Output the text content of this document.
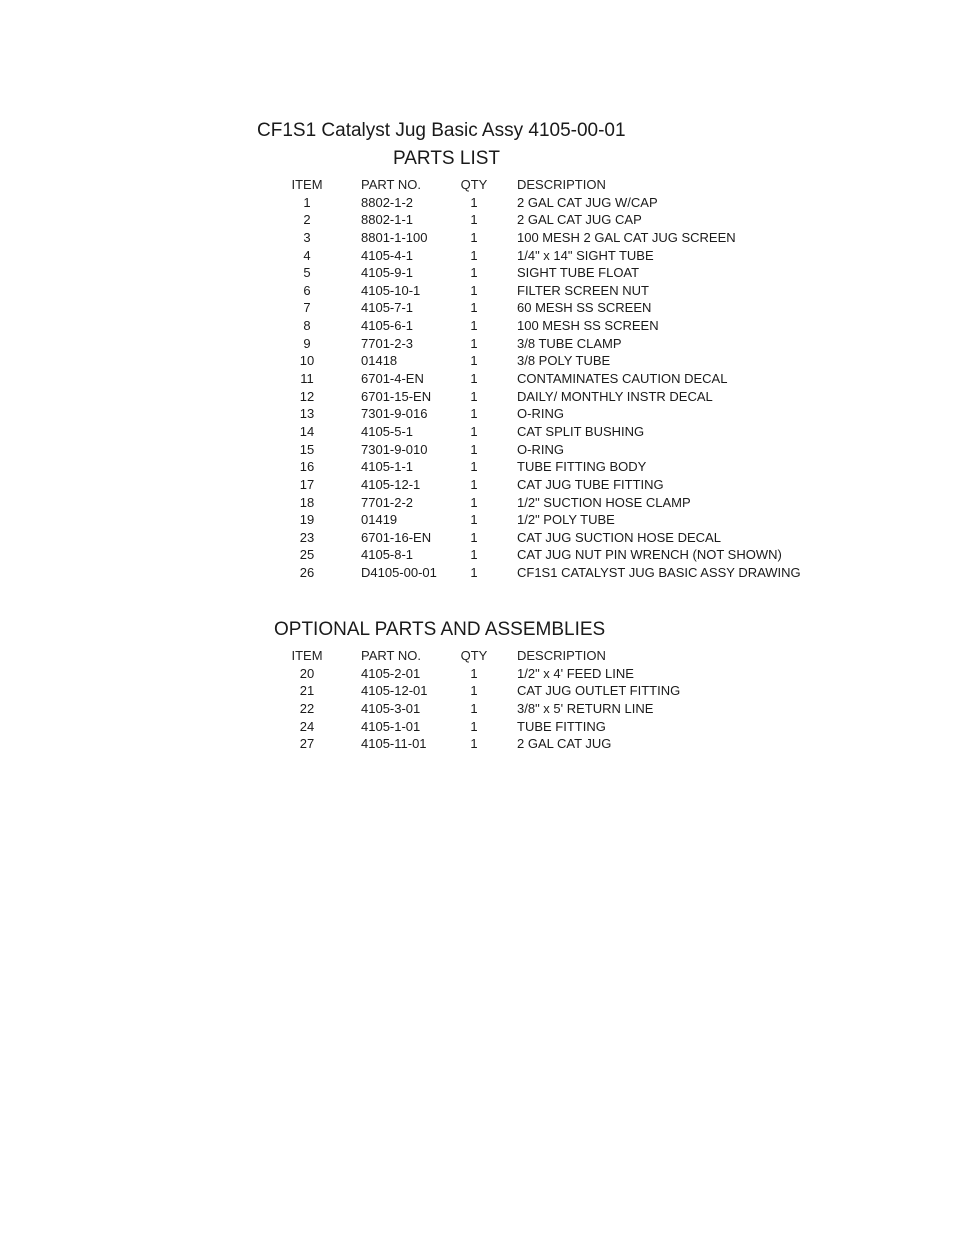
CF1S1 Catalyst Jug Basic Assy 4105-00-01
PARTS LIST
ITEM	PART NO.	QTY DESCRIPTION
1	8802-1-2	1	2 GAL CAT JUG W/CAP
2	8802-1-1	1	2 GAL CAT JUG CAP
3	8801-1-100	1	100 MESH 2 GAL CAT JUG SCREEN
4	4105-4-1	1	1/4" x 14" SIGHT TUBE
5	4105-9-1	1	SIGHT TUBE FLOAT
6	4105-10-1	1	FILTER SCREEN NUT
7	4105-7-1	1	60 MESH SS SCREEN
8	4105-6-1	1	100 MESH SS SCREEN
9	7701-2-3	1	3/8 TUBE CLAMP
10	01418	1	3/8 POLY TUBE
11	6701-4-EN	1	CONTAMINATES CAUTION DECAL
12	6701-15-EN	1	DAILY/ MONTHLY INSTR DECAL
13	7301-9-016	1	O-RING
14	4105-5-1	1	CAT SPLIT BUSHING
15	7301-9-010	1	O-RING
16	4105-1-1	1	TUBE FITTING BODY
17	4105-12-1	1	CAT JUG TUBE FITTING
18	7701-2-2	1	1/2" SUCTION HOSE CLAMP
19	01419	1	1/2" POLY TUBE
23	6701-16-EN	1	CAT JUG SUCTION HOSE DECAL
25	4105-8-1	1	CAT JUG NUT PIN WRENCH (NOT SHOWN)
26	D4105-00-01	1	CF1S1 CATALYST JUG BASIC ASSY DRAWING
OPTIONAL PARTS AND ASSEMBLIES
ITEM	PART NO.	QTY DESCRIPTION
20	4105-2-01	1	1/2" x 4' FEED LINE
21	4105-12-01	1	CAT JUG OUTLET FITTING
22	4105-3-01	1	3/8" x 5' RETURN LINE
24	4105-1-01	1	TUBE FITTING
27	4105-11-01	1	2 GAL CAT JUG
